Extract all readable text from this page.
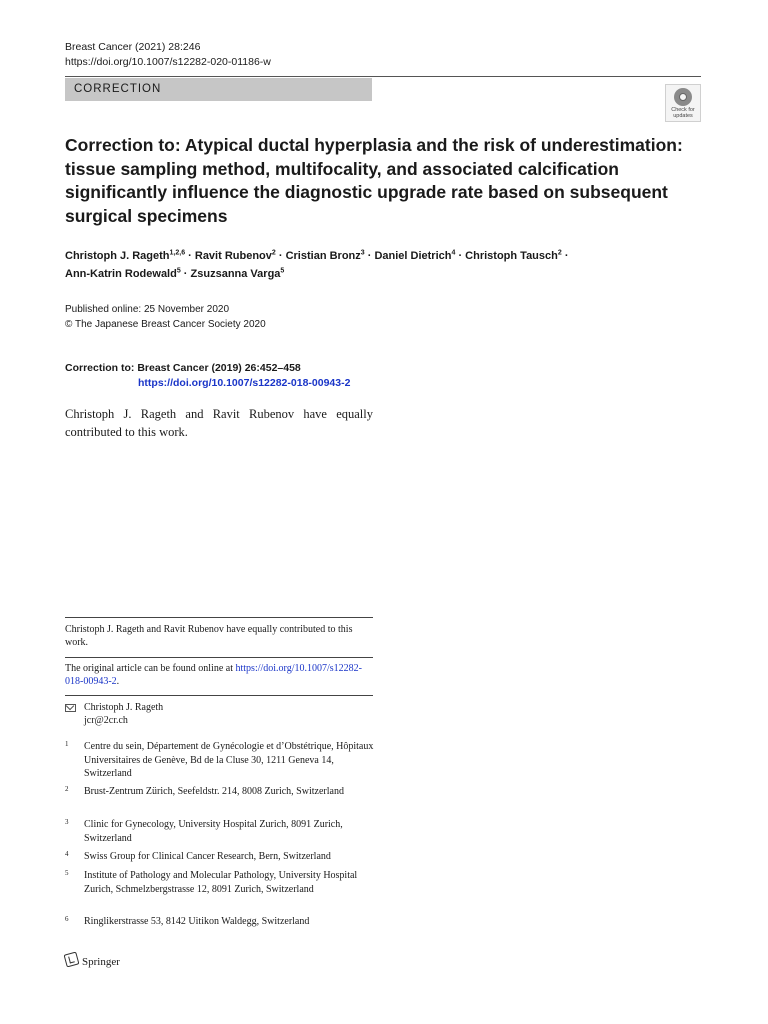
Breast Cancer (2021) 28:246
https://doi.org/10.1007/s12282-020-01186-w
CORRECTION
Check for
updates
Correction to: Atypical ductal hyperplasia and the risk of underestimation: tissue sampling method, multifocality, and associated calcification significantly influence the diagnostic upgrade rate based on subsequent surgical specimens
Christoph J. Rageth$^{1,2,6}$ · Ravit Rubenov$^2$ · Cristian Bronz$^3$ · Daniel Dietrich$^4$ · Christoph Tausch$^2$ ·
Ann-Katrin Rodewald$^5$ · Zsuzsanna Varga$^5$
Published online: 25 November 2020
© The Japanese Breast Cancer Society 2020
Correction to: Breast Cancer (2019) 26:452–458
https://doi.org/10.1007/s12282-018-00943-2

Christoph J. Rageth and Ravit Rubenov have equally contributed to this work.

Christoph J. Rageth and Ravit Rubenov have equally contributed to this work.

The original article can be found online at https://doi.org/10.1007/s12282-018-00943-2.

Christoph J. Rageth
jcr@2cr.ch
1 Centre du sein, Département de Gynécologie et d’Obstétrique, Hôpitaux Universitaires de Genève, Bd de la Cluse 30, 1211 Geneva 14, Switzerland
2 Brust-Zentrum Zürich, Seefeldstr. 214, 8008 Zurich, Switzerland
3 Clinic for Gynecology, University Hospital Zurich, 8091 Zurich, Switzerland
4 Swiss Group for Clinical Cancer Research, Bern, Switzerland
5 Institute of Pathology and Molecular Pathology, University Hospital Zurich, Schmelzbergstrasse 12, 8091 Zurich, Switzerland
6 Ringlikerstrasse 53, 8142 Uitikon Waldegg, Switzerland
Springer
